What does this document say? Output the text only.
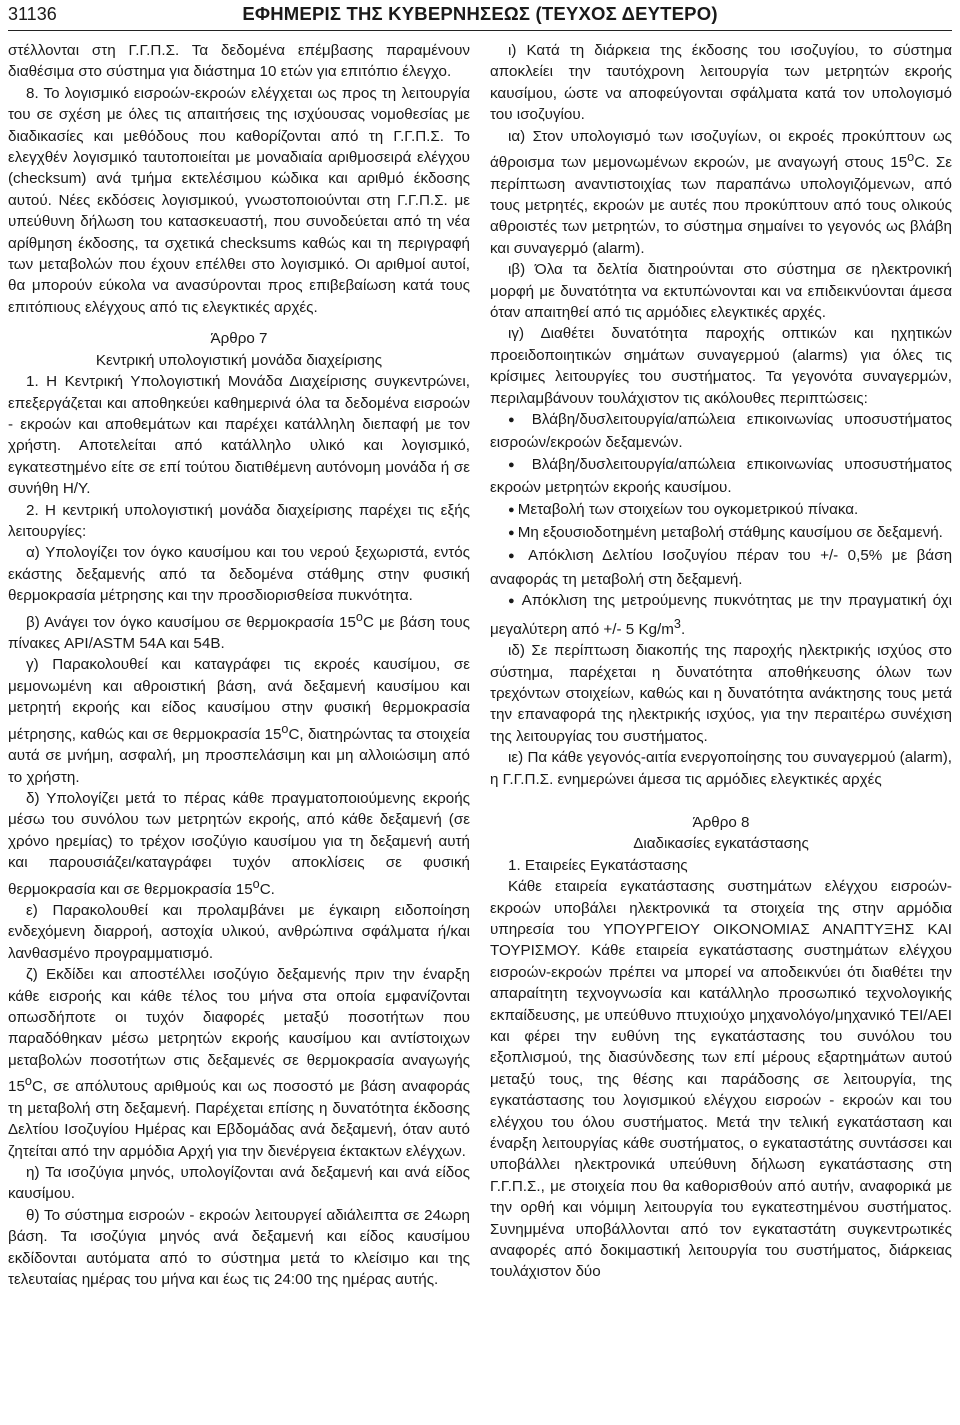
31136	ΕΦΗΜΕΡΙΣ ΤΗΣ ΚΥΒΕΡΝΗΣΕΩΣ (ΤΕΥΧΟΣ ΔΕΥΤΕΡΟ)

στέλλονται στη Γ.Γ.Π.Σ. Τα δεδομένα επέμβασης παραμένουν διαθέσιμα στο σύστημα για διάστημα 10 ετών για επιτόπιο έλεγχο.

8. Το λογισμικό εισροών-εκροών ελέγχεται ως προς τη λειτουργία του σε σχέση με όλες τις απαιτήσεις της ισχύουσας νομοθεσίας με διαδικασίες και μεθόδους που καθορίζονται από τη Γ.Γ.Π.Σ. Το ελεγχθέν λογισμικό ταυτοποιείται με μοναδιαία αριθμοσειρά ελέγχου (checksum) ανά τμήμα εκτελέσιμου κώδικα και αριθμό έκδοσης αυτού. Νέες εκδόσεις λογισμικού, γνωστοποιούνται στη Γ.Γ.Π.Σ. με υπεύθυνη δήλωση του κατασκευαστή, που συνοδεύεται από τη νέα αρίθμηση έκδοσης, τα σχετικά checksums καθώς και τη περιγραφή των μεταβολών που έχουν επέλθει στο λογισμικό. Οι αριθμοί αυτοί, θα μπορούν εύκολα να ανασύρονται προς επιβεβαίωση κατά τους επιτόπιους ελέγχους από τις ελεγκτικές αρχές.

Άρθρο 7

Κεντρική υπολογιστική μονάδα διαχείρισης

1. Η Κεντρική Υπολογιστική Μονάδα Διαχείρισης συγκεντρώνει, επεξεργάζεται και αποθηκεύει καθημερινά όλα τα δεδομένα εισροών - εκροών και αποθεμάτων και παρέχει κατάλληλη διεπαφή με τον χρήστη. Αποτελείται από κατάλληλο υλικό και λογισμικό, εγκατεστημένο είτε σε επί τούτου διατιθέμενη αυτόνομη μονάδα ή σε συνήθη Η/Υ.

2. Η κεντρική υπολογιστική μονάδα διαχείρισης παρέχει τις εξής λειτουργίες:

α) Υπολογίζει τον όγκο καυσίμου και του νερού ξεχωριστά, εντός εκάστης δεξαμενής από τα δεδομένα στάθμης στην φυσική θερμοκρασία μέτρησης και την προσδιορισθείσα πυκνότητα.

β) Ανάγει τον όγκο καυσίμου σε θερμοκρασία $15^oC$ με βάση τους πίνακες API/ASTM 54A και 54B.

γ) Παρακολουθεί και καταγράφει τις εκροές καυσίμου, σε μεμονωμένη και αθροιστική βάση, ανά δεξαμενή καυσίμου και μετρητή εκροής και είδος καυσίμου στην φυσική θερμοκρασία μέτρησης, καθώς και σε θερμοκρασία $15^oC$, διατηρώντας τα στοιχεία αυτά σε μνήμη, ασφαλή, μη προσπελάσιμη και μη αλλοιώσιμη από το χρήστη.

δ) Υπολογίζει μετά το πέρας κάθε πραγματοποιούμενης εκροής μέσω του συνόλου των μετρητών εκροής, από κάθε δεξαμενή (σε χρόνο ηρεμίας) το τρέχον ισοζύγιο καυσίμου για τη δεξαμενή αυτή και παρουσιάζει/καταγράφει τυχόν αποκλίσεις σε φυσική θερμοκρασία και σε θερμοκρασία $15^oC$.

ε) Παρακολουθεί και προλαμβάνει με έγκαιρη ειδοποίηση ενδεχόμενη διαρροή, αστοχία υλικού, ανθρώπινα σφάλματα ή/και λανθασμένο προγραμματισμό.

ζ) Εκδίδει και αποστέλλει ισοζύγιο δεξαμενής πριν την έναρξη κάθε εισροής και κάθε τέλος του μήνα στα οποία εμφανίζονται οπωσδήποτε οι τυχόν διαφορές μεταξύ ποσοτήτων που παραδόθηκαν μέσω μετρητών εκροής καυσίμου και αντίστοιχων μεταβολών ποσοτήτων στις δεξαμενές σε θερμοκρασία αναγωγής $15^oC$, σε απόλυτους αριθμούς και ως ποσοστό με βάση αναφοράς τη μεταβολή στη δεξαμενή. Παρέχεται επίσης η δυνατότητα έκδοσης Δελτίου Ισοζυγίου Ημέρας και Εβδομάδας ανά δεξαμενή, όταν αυτό ζητείται από την αρμόδια Αρχή για την διενέργεια έκτακτων ελέγχων.

η) Τα ισοζύγια μηνός, υπολογίζονται ανά δεξαμενή και ανά είδος καυσίμου.

θ) Το σύστημα εισροών - εκροών λειτουργεί αδιάλειπτα σε 24ωρη βάση. Τα ισοζύγια μηνός ανά δεξαμενή και είδος καυσίμου εκδίδονται αυτόματα από το σύστημα μετά το κλείσιμο και της τελευταίας ημέρας του μήνα και έως τις 24:00 της ημέρας αυτής.

ι) Κατά τη διάρκεια της έκδοσης του ισοζυγίου, το σύστημα αποκλείει την ταυτόχρονη λειτουργία των μετρητών εκροής καυσίμου, ώστε να αποφεύγονται σφάλματα κατά τον υπολογισμό του ισοζυγίου.

ια) Στον υπολογισμό των ισοζυγίων, οι εκροές προκύπτουν ως άθροισμα των μεμονωμένων εκροών, με αναγωγή στους $15^oC$. Σε περίπτωση αναντιστοιχίας των παραπάνω υπολογιζόμενων, από τους μετρητές, εκροών με αυτές που προκύπτουν από τους ολικούς αθροιστές των μετρητών, το σύστημα σημαίνει το γεγονός ως βλάβη και συναγερμό (alarm).

ιβ) Όλα τα δελτία διατηρούνται στο σύστημα σε ηλεκτρονική μορφή με δυνατότητα να εκτυπώνονται και να επιδεικνύονται άμεσα όταν απαιτηθεί από τις αρμόδιες ελεγκτικές αρχές.

ιγ) Διαθέτει δυνατότητα παροχής οπτικών και ηχητικών προειδοποιητικών σημάτων συναγερμού (alarms) για όλες τις κρίσιμες λειτουργίες του συστήματος. Τα γεγονότα συναγερμών, περιλαμβάνουν τουλάχιστον τις ακόλουθες περιπτώσεις:

● Βλάβη/δυσλειτουργία/απώλεια επικοινωνίας υποσυστήματος εισροών/εκροών δεξαμενών.

● Βλάβη/δυσλειτουργία/απώλεια επικοινωνίας υποσυστήματος εκροών μετρητών εκροής καυσίμου.

● Μεταβολή των στοιχείων του ογκομετρικού πίνακα.

● Μη εξουσιοδοτημένη μεταβολή στάθμης καυσίμου σε δεξαμενή.

● Απόκλιση Δελτίου Ισοζυγίου πέραν του +/- 0,5% με βάση αναφοράς τη μεταβολή στη δεξαμενή.

● Απόκλιση της μετρούμενης πυκνότητας με την πραγματική όχι μεγαλύτερη από +/- 5 $Kg/m^3$.

ιδ) Σε περίπτωση διακοπής της παροχής ηλεκτρικής ισχύος στο σύστημα, παρέχεται η δυνατότητα αποθήκευσης όλων των τρεχόντων στοιχείων, καθώς και η δυνατότητα ανάκτησης τους μετά την επαναφορά της ηλεκτρικής ισχύος, για την περαιτέρω συνέχιση της λειτουργίας του συστήματος.

ιε) Πα κάθε γεγονός-αιτία ενεργοποίησης του συναγερμού (alarm), η Γ.Γ.Π.Σ. ενημερώνει άμεσα τις αρμόδιες ελεγκτικές αρχές

Άρθρο 8

Διαδικασίες εγκατάστασης

1. Εταιρείες Εγκατάστασης

Κάθε εταιρεία εγκατάστασης συστημάτων ελέγχου εισροών-εκροών υποβάλει ηλεκτρονικά τα στοιχεία της στην αρμόδια υπηρεσία του ΥΠΟΥΡΓΕΙΟΥ ΟΙΚΟΝΟΜΙΑΣ ΑΝΑΠΤΥΞΗΣ ΚΑΙ ΤΟΥΡΙΣΜΟΥ. Κάθε εταιρεία εγκατάστασης συστημάτων ελέγχου εισροών-εκροών πρέπει να μπορεί να αποδεικνύει ότι διαθέτει την απαραίτητη τεχνογνωσία και κατάλληλο προσωπικό τεχνολογικής εκπαίδευσης, με υπεύθυνο πτυχιούχο μηχανολόγο/μηχανικό ΤΕΙ/ΑΕΙ και φέρει την ευθύνη της εγκατάστασης του συνόλου του εξοπλισμού, της διασύνδεσης των επί μέρους εξαρτημάτων αυτού μεταξύ τους, της θέσης και παράδοσης σε λειτουργία, της εγκατάστασης του λογισμικού ελέγχου εισροών - εκροών και του ελέγχου του όλου συστήματος. Μετά την τελική εγκατάσταση και έναρξη λειτουργίας κάθε συστήματος, ο εγκαταστάτης συντάσσει και υποβάλλει ηλεκτρονικά υπεύθυνη δήλωση εγκατάστασης στη Γ.Γ.Π.Σ., με στοιχεία που θα καθορισθούν από αυτήν, αναφορικά με την ορθή και νόμιμη λειτουργία του εγκατεστημένου συστήματος. Συνημμένα υποβάλλονται από τον εγκαταστάτη συγκεντρωτικές αναφορές από δοκιμαστική λειτουργία του συστήματος, διάρκειας τουλάχιστον δύο
